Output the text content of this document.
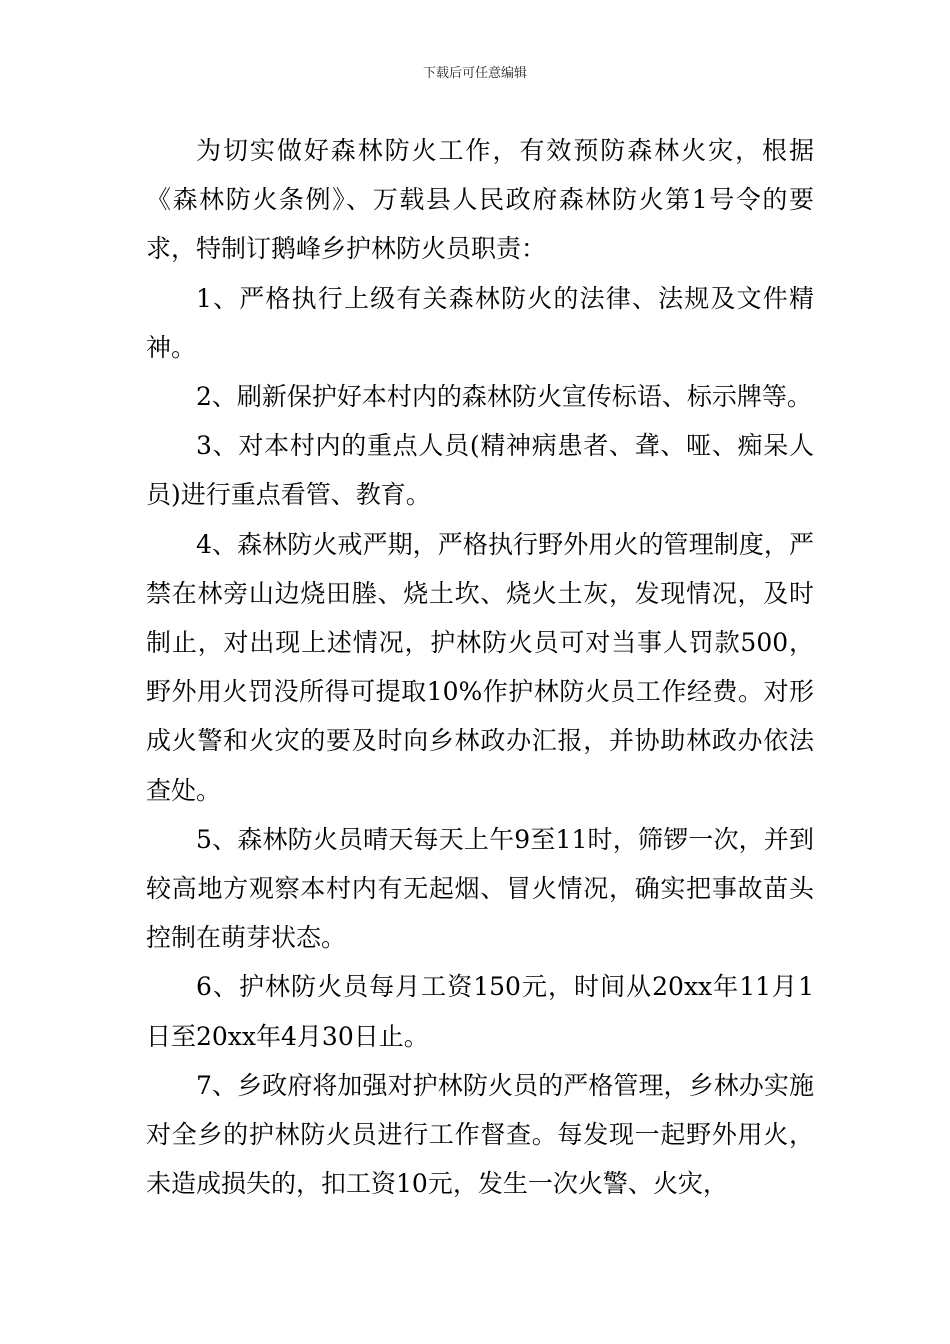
下载后可任意编辑

为切实做好森林防火工作，有效预防森林火灾，根据《森林防火条例》、万载县人民政府森林防火第1号令的要求，特制订鹅峰乡护林防火员职责：

1、严格执行上级有关森林防火的法律、法规及文件精神。

2、刷新保护好本村内的森林防火宣传标语、标示牌等。

3、对本村内的重点人员(精神病患者、聋、哑、痴呆人员)进行重点看管、教育。

4、森林防火戒严期，严格执行野外用火的管理制度，严禁在林旁山边烧田塍、烧土坎、烧火土灰，发现情况，及时制止，对出现上述情况，护林防火员可对当事人罚款500，野外用火罚没所得可提取10%作护林防火员工作经费。对形成火警和火灾的要及时向乡林政办汇报，并协助林政办依法查处。

5、森林防火员晴天每天上午9至11时，筛锣一次，并到较高地方观察本村内有无起烟、冒火情况，确实把事故苗头控制在萌芽状态。

6、护林防火员每月工资150元，时间从20xx年11月1日至20xx年4月30日止。

7、乡政府将加强对护林防火员的严格管理，乡林办实施对全乡的护林防火员进行工作督查。每发现一起野外用火，未造成损失的，扣工资10元，发生一次火警、火灾，
